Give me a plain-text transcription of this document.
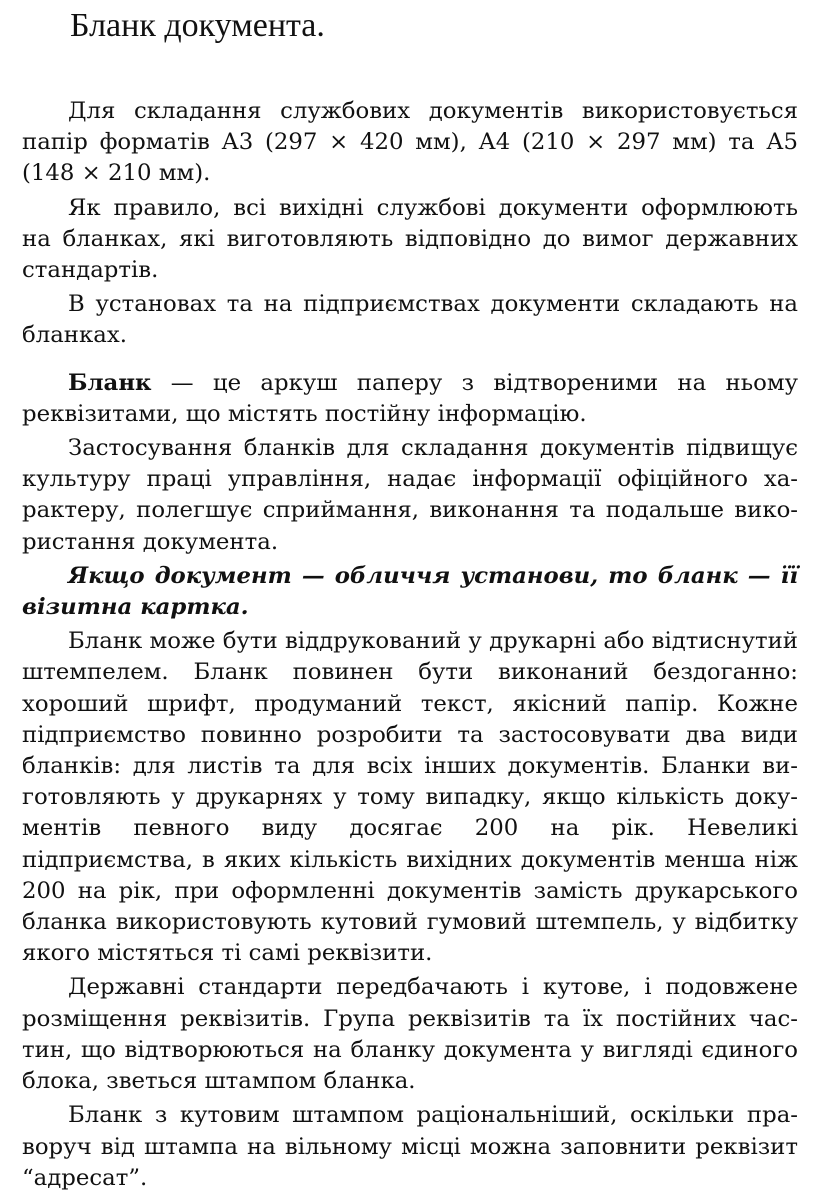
Бланк документа.

Для складання службових документів використовується папір форматів А3 (297 × 420 мм), А4 (210 × 297 мм) та А5 (148 × 210 мм).

Як правило, всі вихідні службові документи оформлюють на бланках, які виготовляють відповідно до вимог державних стандартів.

В установах та на підприємствах документи складають на бланках.

Бланк — це аркуш паперу з відтвореними на ньому реквізитами, що містять постійну інформацію.

Застосування бланків для складання документів підвищує культуру праці управління, надає інформації офіційного характеру, полегшує сприймання, виконання та подальше використання документа.

Якщо документ — обличчя установи, то бланк — її візитна картка.

Бланк може бути віддрукований у друкарні або відтиснутий штемпелем. Бланк повинен бути виконаний бездоганно: хороший шрифт, продуманий текст, якісний папір. Кожне підприємство повинно розробити та застосовувати два види бланків: для листів та для всіх інших документів. Бланки виготовляють у друкарнях у тому випадку, якщо кількість документів певного виду досягає 200 на рік. Невеликі підприємства, в яких кількість вихідних документів менша ніж 200 на рік, при оформленні документів замість друкарського бланка використовують кутовий гумовий штемпель, у відбитку якого містяться ті самі реквізити.

Державні стандарти передбачають і кутове, і подовжене розміщення реквізитів. Група реквізитів та їх постійних частин, що відтворюються на бланку документа у вигляді єдиного блока, зветься штампом бланка.

Бланк з кутовим штампом раціональніший, оскільки праворуч від штампа на вільному місці можна заповнити реквізит “адресат”.
